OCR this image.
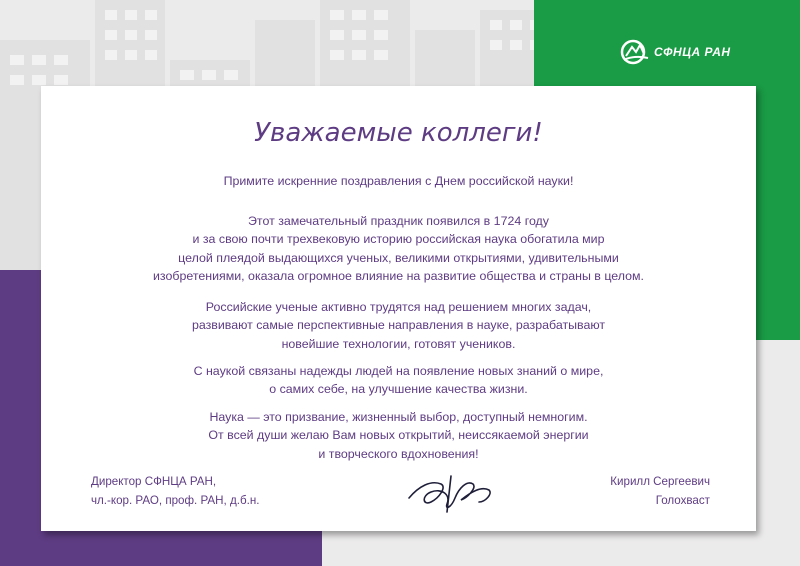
СФНЦА РАН
Уважаемые коллеги!

Примите искренние поздравления с Днем российской науки!

Этот замечательный праздник появился в 1724 году
и за свою почти трехвековую историю российская наука обогатила мир
целой плеядой выдающихся ученых, великими открытиями, удивительными
изобретениями, оказала огромное влияние на развитие общества и страны в целом.

Российские ученые активно трудятся над решением многих задач,
развивают самые перспективные направления в науке, разрабатывают
новейшие технологии, готовят учеников.

С наукой связаны надежды людей на появление новых знаний о мире,
о самих себе, на улучшение качества жизни.

Наука — это призвание, жизненный выбор, доступный немногим.
От всей души желаю Вам новых открытий, неиссякаемой энергии
и творческого вдохновения!

Директор СФНЦА РАН,
чл.-кор. РАО, проф. РАН, д.б.н.
Кирилл Сергеевич
Голохваст
